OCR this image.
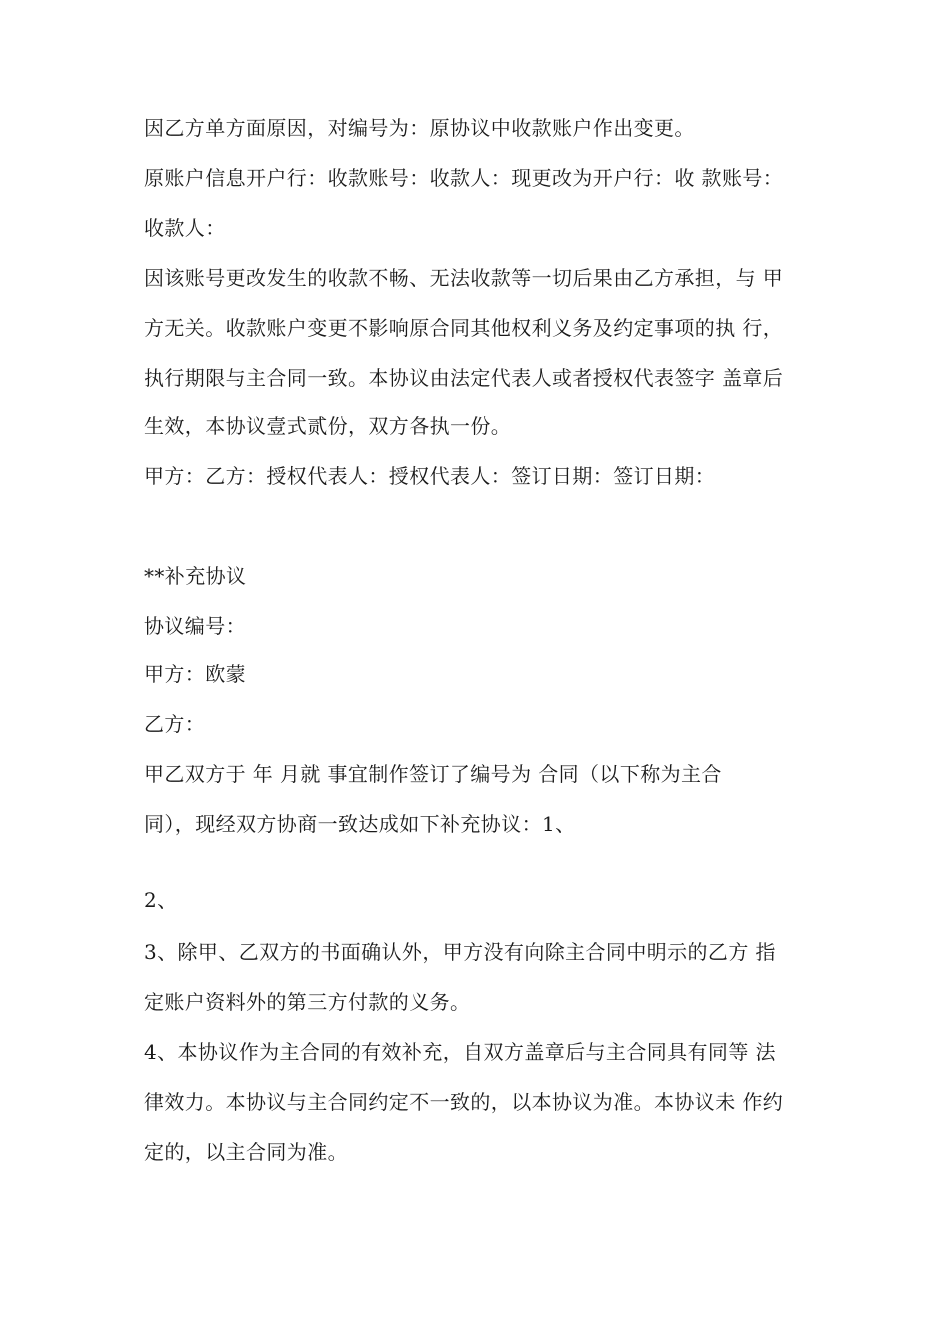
因乙方单方面原因，对编号为：原协议中收款账户作出变更。
原账户信息开户行：收款账号：收款人：现更改为开户行：收 款账号：
收款人：
因该账号更改发生的收款不畅、无法收款等一切后果由乙方承担，与 甲
方无关。收款账户变更不影响原合同其他权利义务及约定事项的执 行，
执行期限与主合同一致。本协议由法定代表人或者授权代表签字 盖章后
生效，本协议壹式贰份，双方各执一份。
甲方：乙方：授权代表人：授权代表人：签订日期：签订日期：
**补充协议
协议编号：
甲方：欧蒙
乙方：
甲乙双方于 年 月就 事宜制作签订了编号为 合同（以下称为主合
同），现经双方协商一致达成如下补充协议：1、
2、
3、除甲、乙双方的书面确认外，甲方没有向除主合同中明示的乙方 指
定账户资料外的第三方付款的义务。
4、本协议作为主合同的有效补充，自双方盖章后与主合同具有同等 法
律效力。本协议与主合同约定不一致的，以本协议为准。本协议未 作约
定的，以主合同为准。
